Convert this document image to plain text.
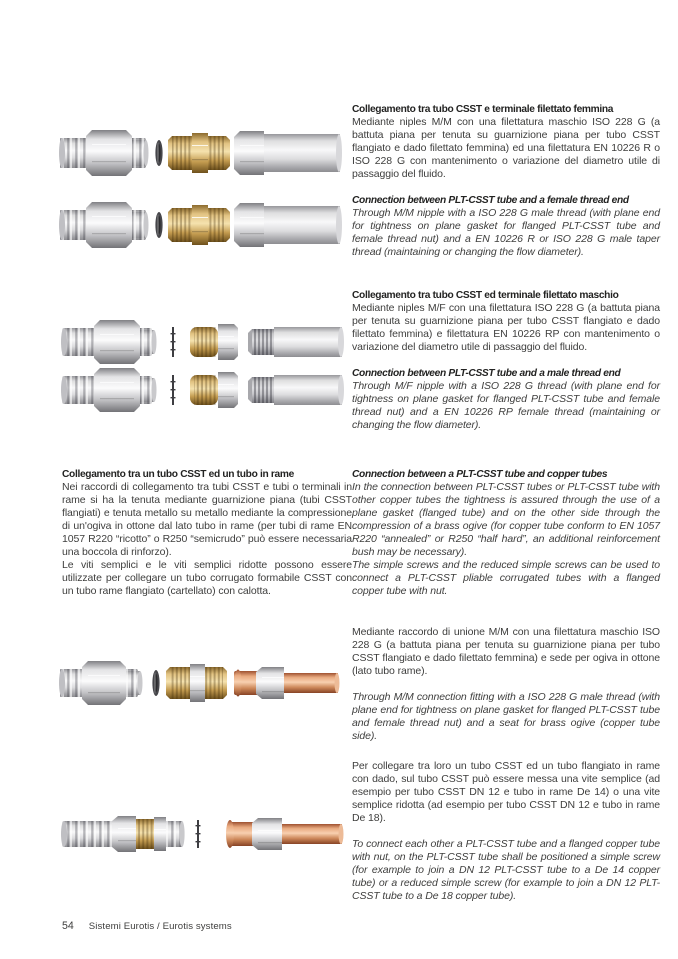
Collegamento tra tubo CSST e terminale filettato femmina

Mediante niples M/M con una filettatura maschio ISO 228 G (a battuta piana per tenuta su guarnizione piana per tubo CSST flangiato e dado filettato femmina) ed una filettatura EN 10226 R o ISO 228 G con mantenimento o variazione del diametro utile di passaggio del fluido.

Connection between PLT-CSST tube and a female thread end

Through M/M nipple with a ISO 228 G male thread (with plane end for tightness on plane gasket for flanged PLT-CSST tube and female thread nut) and a EN 10226 R or ISO 228 G male taper thread (maintaining or changing the flow diameter).

Collegamento tra tubo CSST ed terminale filettato maschio

Mediante niples M/F con una filettatura ISO 228 G (a battuta piana per tenuta su guarnizione piana per tubo CSST flangiato e dado filettato femmina) e filettatura EN 10226 RP con mantenimento o variazione del diametro utile di passaggio del fluido.

Connection between PLT-CSST tube and a male thread end

Through M/F nipple with a ISO 228 G thread (with plane end for tightness on plane gasket for flanged PLT-CSST tube and female thread nut) and a EN 10226 RP female thread (maintaining or changing the flow diameter).

Collegamento tra un tubo CSST ed un tubo in rame

Nei raccordi di collegamento tra tubi CSST e tubi o terminali in rame si ha la tenuta mediante guarnizione piana (tubi CSST flangiati) e tenuta metallo su metallo mediante la compressione di un'ogiva in ottone dal lato tubo in rame (per tubi di rame EN 1057 R220 “ricotto” o R250 “semicrudo” può essere necessaria una boccola di rinforzo).

Le viti semplici e le viti semplici ridotte possono essere utilizzate per collegare un tubo corrugato formabile CSST con un tubo rame flangiato (cartellato) con calotta.

Connection between a PLT-CSST tube and copper tubes

In the connection between PLT-CSST tubes or PLT-CSST tube with other copper tubes the tightness is assured through the use of a plane gasket (flanged tube) and on the other side through the compression of a brass ogive (for copper tube conform to EN 1057 R220 “annealed” or R250 “half hard”, an additional reinforcement bush may be necessary).

The simple screws and the reduced simple screws can be used to connect a PLT-CSST pliable corrugated tubes with a flanged copper tube with nut.

Mediante raccordo di unione M/M con una filettatura maschio ISO 228 G (a battuta piana per tenuta su guarnizione piana per tubo CSST flangiato e dado filettato femmina) e sede per ogiva in ottone (lato tubo rame).

Through M/M connection fitting with a ISO 228 G male thread (with plane end for tightness on plane gasket for flanged PLT-CSST tube and female thread nut) and a seat for brass ogive (copper tube side).

Per collegare tra loro un tubo CSST ed un tubo flangiato in rame con dado, sul tubo CSST può essere messa una vite semplice (ad esempio per tubo CSST DN 12 e tubo in rame De 14) o una vite semplice ridotta (ad esempio per tubo CSST DN 12 e tubo in rame De 18).

To connect each other a PLT-CSST tube and a flanged copper tube with nut, on the PLT-CSST tube shall be positioned a simple screw (for example to join a DN 12 PLT-CSST tube to a De 14 copper tube) or a reduced simple screw (for example to join a DN 12 PLT-CSST tube to a De 18 copper tube).

54 Sistemi Eurotis / Eurotis systems
